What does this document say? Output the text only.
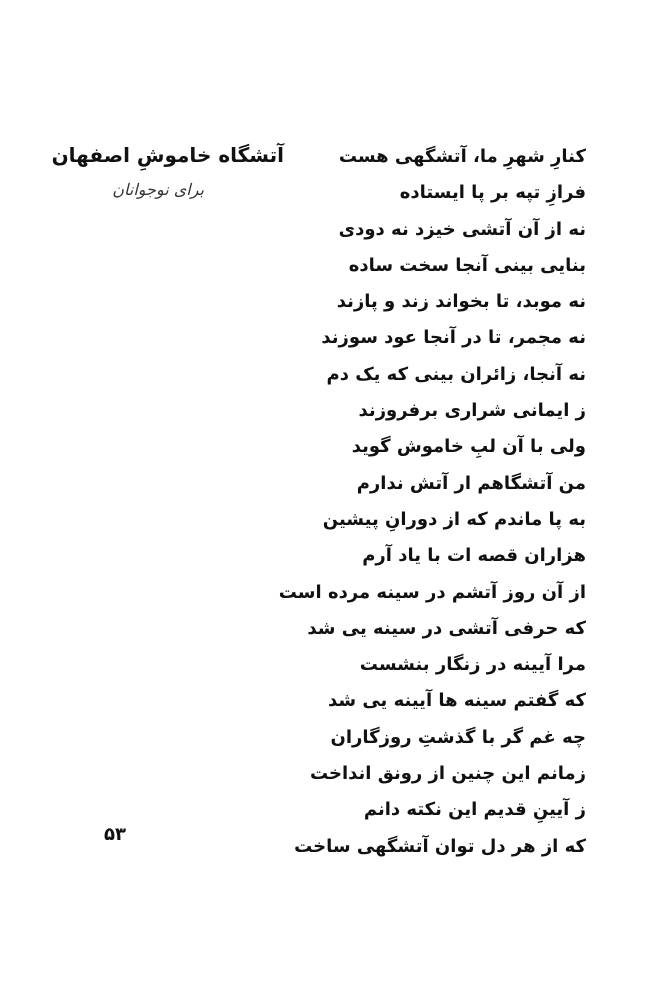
آتشگاه خاموشِ اصفهان
برای نوجوانان
کنارِ شهرِ ما، آتشگهی هست
فرازِ تپه بر پا ایستاده
نه از آن آتشی خیزد نه دودی
بنایی بینی آنجا سخت ساده
نه موبد، تا بخواند زند و پازند
نه مجمر، تا در آنجا عود سوزند
نه آنجا، زائران بینی که یک دم
ز ایمانی شراری برفروزند
ولی با آن لبِ خاموش گوید
من آتشگاهم ار آتش ندارم
به پا ماندم که از دورانِ پیشین
هزاران قصه ات با یاد آرم
از آن روز آتشم در سینه مرده است
که حرفی آتشی در سینه یی شد
مرا آیینه در زنگار بنشست
که گفتم سینه ها آیینه یی شد
چه غم گر با گذشتِ روزگاران
زمانم این چنین از رونق انداخت
ز آیینِ قدیم این نکته دانم
که از هر دل توان آتشگهی ساخت
۵۳
